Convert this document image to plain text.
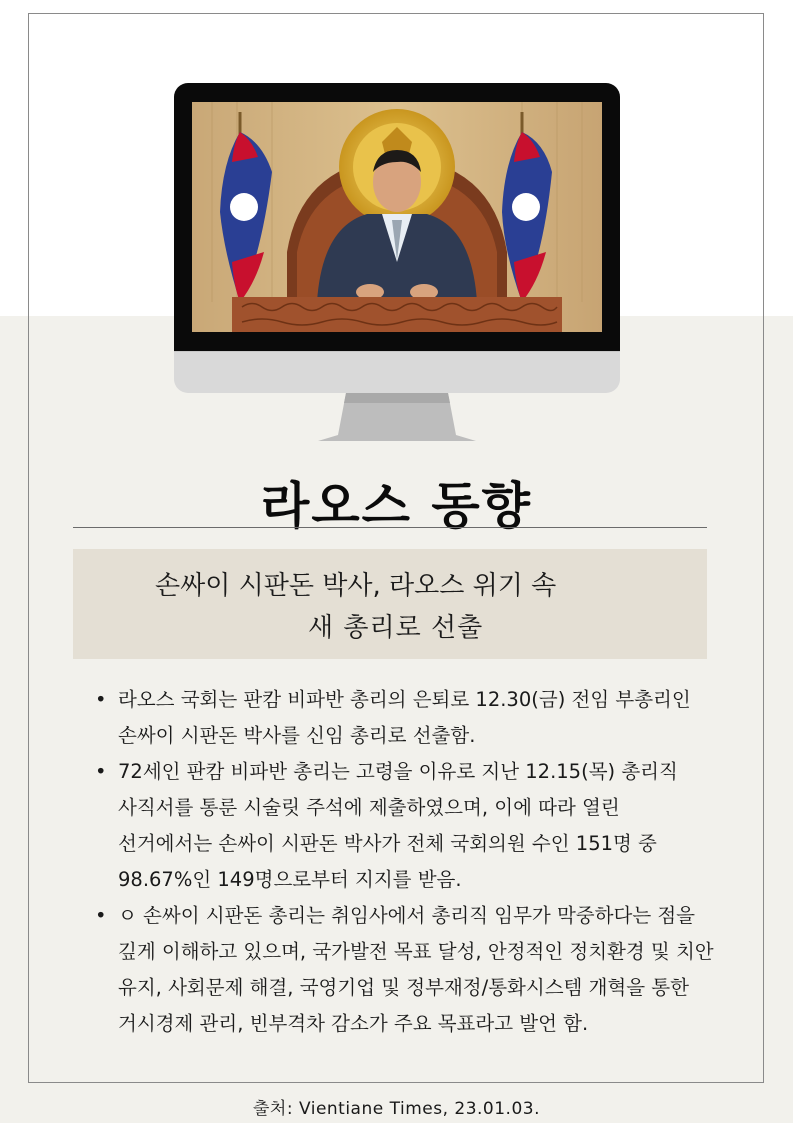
라오스 동향
손싸이 시판돈 박사, 라오스 위기 속
새 총리로 선출
• 라오스 국회는 판캄 비파반 총리의 은퇴로 12.30(금) 전임 부총리인 손싸이 시판돈 박사를 신임 총리로 선출함.
• 72세인 판캄 비파반 총리는 고령을 이유로 지난 12.15(목) 총리직 사직서를 통룬 시술릿 주석에 제출하였으며, 이에 따라 열린 선거에서는 손싸이 시판돈 박사가 전체 국회의원 수인 151명 중 98.67%인 149명으로부터 지지를 받음.
• ㅇ 손싸이 시판돈 총리는 취임사에서 총리직 임무가 막중하다는 점을 깊게 이해하고 있으며, 국가발전 목표 달성, 안정적인 정치환경 및 치안 유지, 사회문제 해결, 국영기업 및 정부재정/통화시스템 개혁을 통한 거시경제 관리, 빈부격차 감소가 주요 목표라고 발언 함.
출처: Vientiane Times, 23.01.03.
